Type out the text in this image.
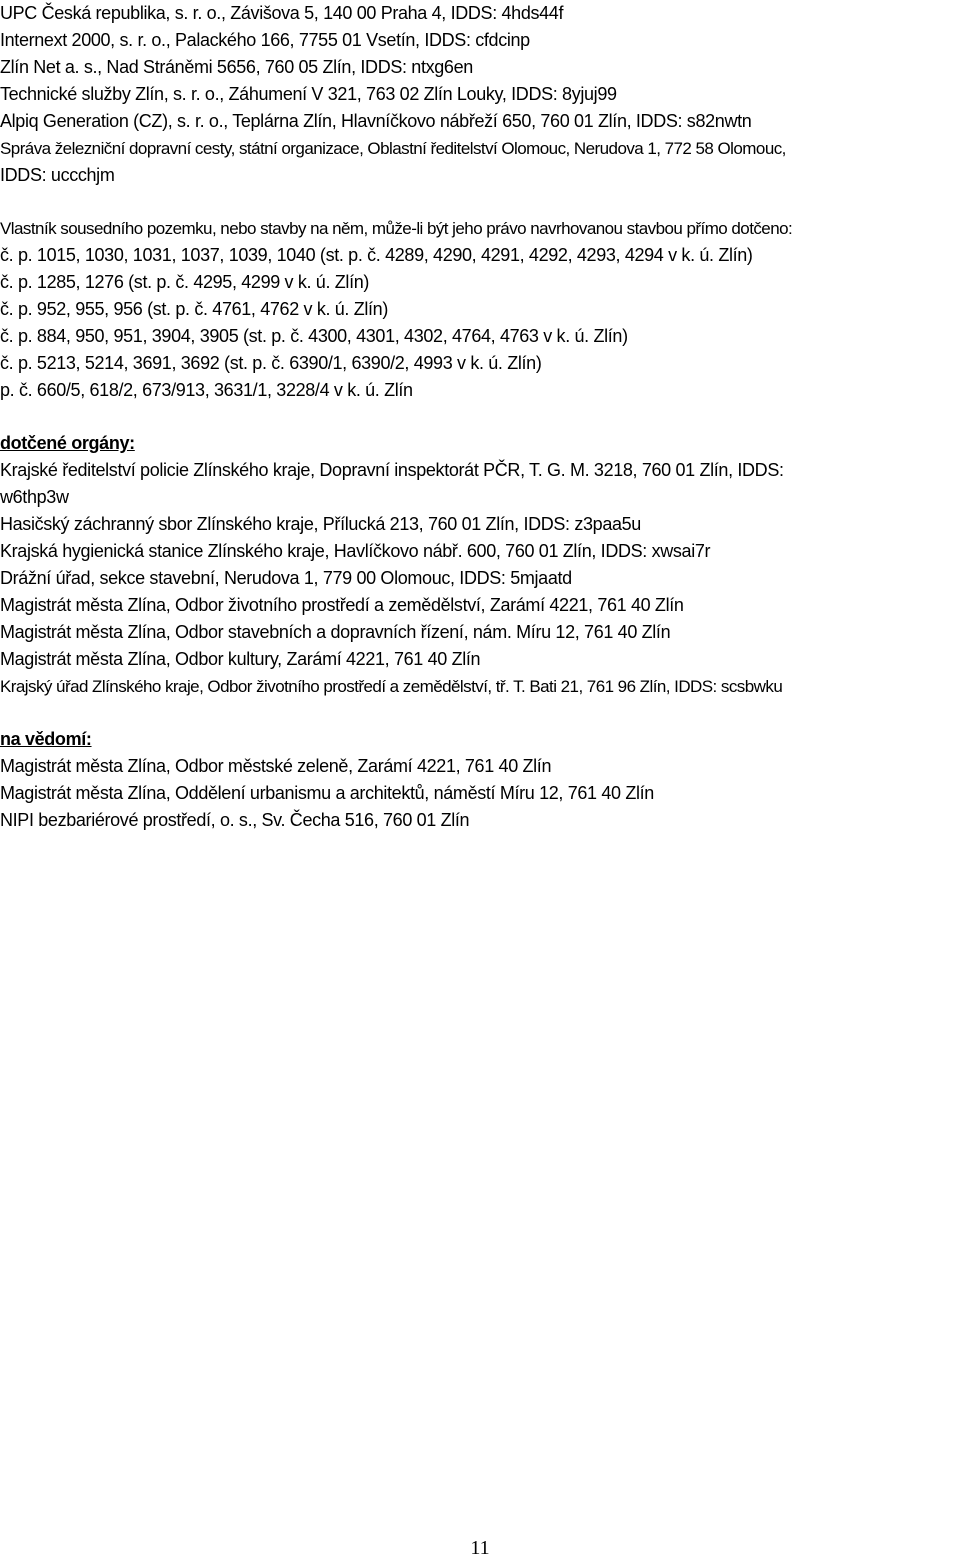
UPC Česká republika, s. r. o., Závišova 5, 140 00 Praha 4, IDDS: 4hds44f
Internext 2000, s. r. o., Palackého 166, 7755 01 Vsetín, IDDS: cfdcinp
Zlín Net a. s., Nad Stráněmi 5656, 760 05 Zlín, IDDS: ntxg6en
Technické služby Zlín, s. r. o., Záhumení V 321, 763 02 Zlín Louky, IDDS: 8yjuj99
Alpiq Generation (CZ), s. r. o., Teplárna Zlín, Hlavníčkovo nábřeží 650, 760 01 Zlín, IDDS: s82nwtn
Správa železniční dopravní cesty, státní organizace, Oblastní ředitelství Olomouc, Nerudova 1, 772 58 Olomouc,
IDDS: uccchjm
Vlastník sousedního pozemku, nebo stavby na něm, může-li být jeho právo navrhovanou stavbou přímo dotčeno:
č. p. 1015, 1030, 1031, 1037, 1039, 1040 (st. p. č. 4289, 4290, 4291, 4292, 4293, 4294 v k. ú. Zlín)
č. p. 1285, 1276 (st. p. č. 4295, 4299 v k. ú. Zlín)
č. p. 952, 955, 956 (st. p. č. 4761, 4762 v k. ú. Zlín)
č. p. 884, 950, 951, 3904, 3905 (st. p. č. 4300, 4301, 4302, 4764, 4763 v k. ú. Zlín)
č. p. 5213, 5214, 3691, 3692 (st. p. č. 6390/1, 6390/2, 4993 v k. ú. Zlín)
p. č. 660/5, 618/2, 673/913, 3631/1, 3228/4 v k. ú. Zlín
dotčené orgány:
Krajské ředitelství policie Zlínského kraje, Dopravní inspektorát PČR, T. G. M. 3218, 760 01 Zlín, IDDS:
w6thp3w
Hasičský záchranný sbor Zlínského kraje, Přílucká 213, 760 01 Zlín, IDDS: z3paa5u
Krajská hygienická stanice Zlínského kraje, Havlíčkovo nábř. 600, 760 01 Zlín, IDDS: xwsai7r
Drážní úřad, sekce stavební, Nerudova 1, 779 00 Olomouc, IDDS: 5mjaatd
Magistrát města Zlína, Odbor životního prostředí a zemědělství, Zarámí 4221, 761 40 Zlín
Magistrát města Zlína, Odbor stavebních a dopravních řízení, nám. Míru 12, 761 40 Zlín
Magistrát města Zlína, Odbor kultury, Zarámí 4221, 761 40 Zlín
Krajský úřad Zlínského kraje, Odbor životního prostředí a zemědělství, tř. T. Bati 21, 761 96 Zlín, IDDS: scsbwku
na vědomí:
Magistrát města Zlína, Odbor městské zeleně, Zarámí 4221, 761 40 Zlín
Magistrát města Zlína, Oddělení urbanismu a architektů, náměstí Míru 12, 761 40 Zlín
NIPI bezbariérové prostředí, o. s., Sv. Čecha 516, 760 01 Zlín
11
